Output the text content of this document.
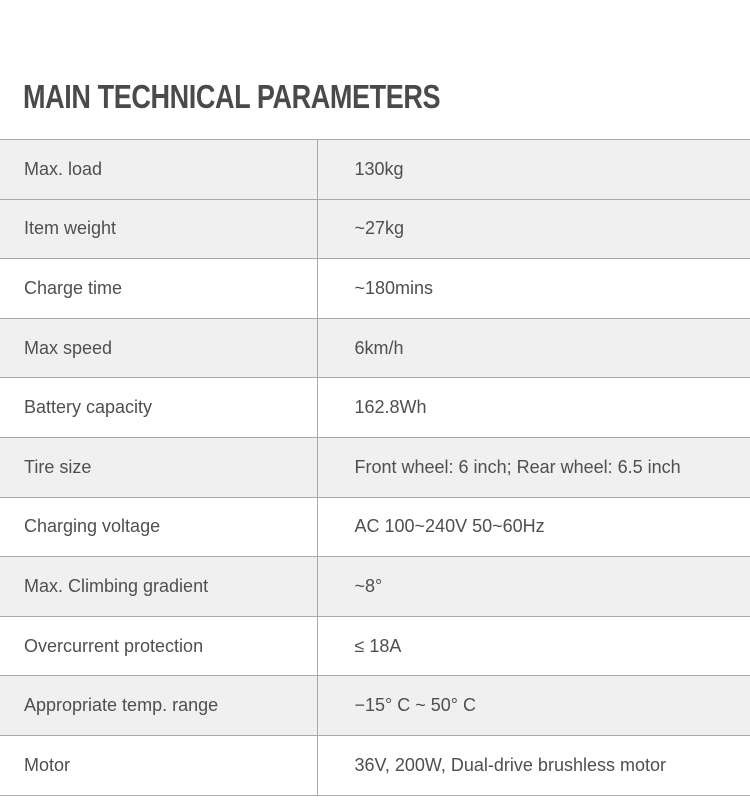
MAIN TECHNICAL PARAMETERS
Max. load	130kg
Item weight	~27kg
Charge time	~180mins
Max speed	6km/h
Battery capacity	162.8Wh
Tire size	Front wheel: 6 inch; Rear wheel: 6.5 inch
Charging voltage	AC 100~240V 50~60Hz
Max. Climbing gradient	~8°
Overcurrent protection	≤ 18A
Appropriate temp. range	−15° C ~ 50° C
Motor	36V, 200W, Dual-drive brushless motor
